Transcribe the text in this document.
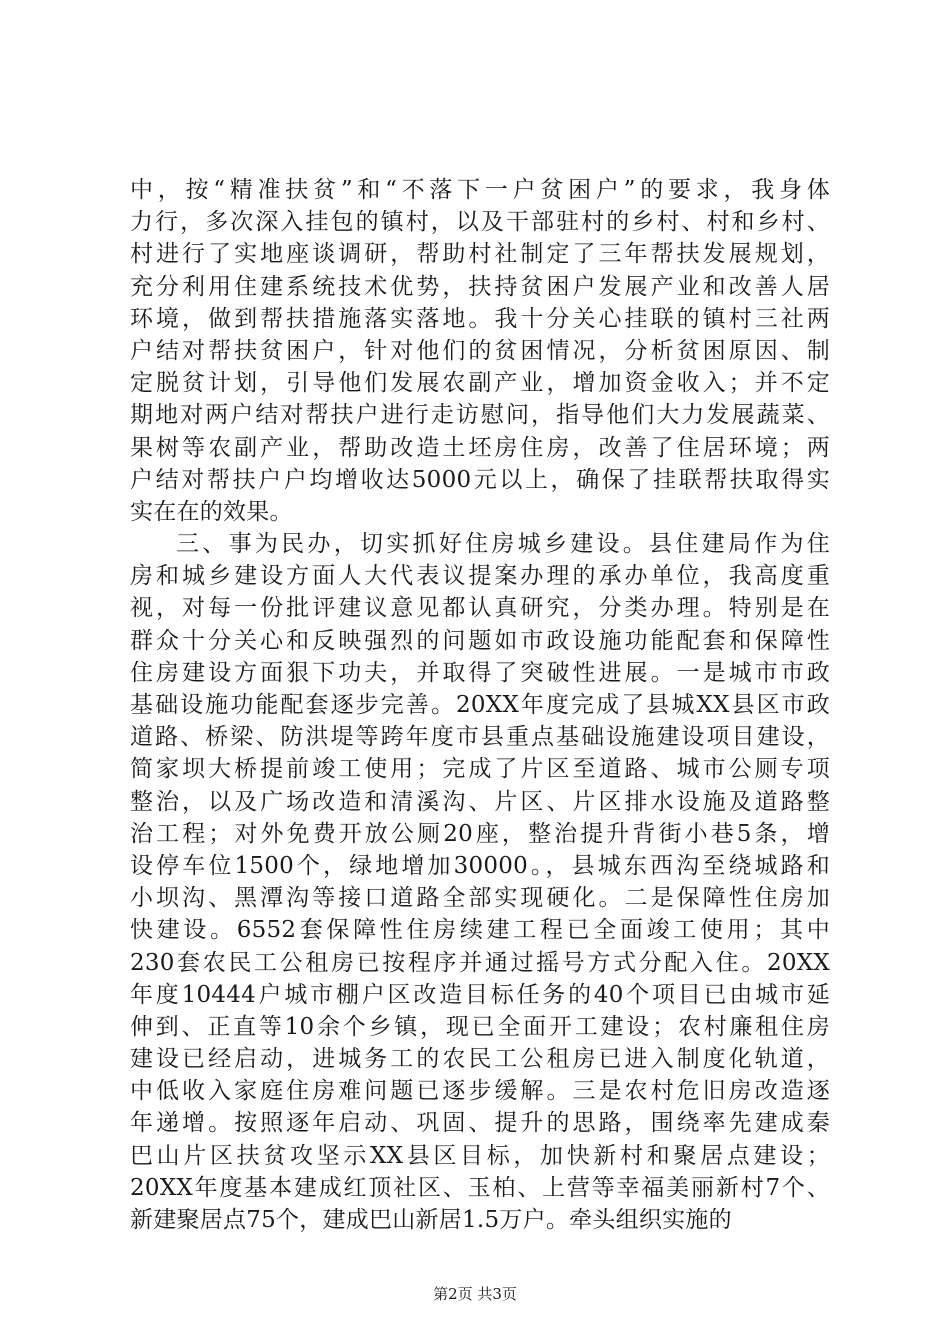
中，按“精准扶贫”和“不落下一户贫困户”的要求，我身体
力行，多次深入挂包的镇村，以及干部驻村的乡村、村和乡村、
村进行了实地座谈调研，帮助村社制定了三年帮扶发展规划，
充分利用住建系统技术优势，扶持贫困户发展产业和改善人居
环境，做到帮扶措施落实落地。我十分关心挂联的镇村三社两
户结对帮扶贫困户，针对他们的贫困情况，分析贫困原因、制
定脱贫计划，引导他们发展农副产业，增加资金收入；并不定
期地对两户结对帮扶户进行走访慰问，指导他们大力发展蔬菜、
果树等农副产业，帮助改造土坯房住房，改善了住居环境；两
户结对帮扶户户均增收达5000元以上，确保了挂联帮扶取得实
实在在的效果。
三、事为民办，切实抓好住房城乡建设。县住建局作为住
房和城乡建设方面人大代表议提案办理的承办单位，我高度重
视，对每一份批评建议意见都认真研究，分类办理。特别是在
群众十分关心和反映强烈的问题如市政设施功能配套和保障性
住房建设方面狠下功夫，并取得了突破性进展。一是城市市政
基础设施功能配套逐步完善。20XX年度完成了县城XX县区市政
道路、桥梁、防洪堤等跨年度市县重点基础设施建设项目建设，
简家坝大桥提前竣工使用；完成了片区至道路、城市公厕专项
整治，以及广场改造和清溪沟、片区、片区排水设施及道路整
治工程；对外免费开放公厕20座，整治提升背街小巷5条，增
设停车位1500个，绿地增加30000。，县城东西沟至绕城路和
小坝沟、黑潭沟等接口道路全部实现硬化。二是保障性住房加
快建设。6552套保障性住房续建工程已全面竣工使用；其中
230套农民工公租房已按程序并通过摇号方式分配入住。20XX
年度10444户城市棚户区改造目标任务的40个项目已由城市延
伸到、正直等10余个乡镇，现已全面开工建设；农村廉租住房
建设已经启动，进城务工的农民工公租房已进入制度化轨道，
中低收入家庭住房难问题已逐步缓解。三是农村危旧房改造逐
年递增。按照逐年启动、巩固、提升的思路，围绕率先建成秦
巴山片区扶贫攻坚示XX县区目标，加快新村和聚居点建设；
20XX年度基本建成红顶社区、玉柏、上营等幸福美丽新村7个、
新建聚居点75个，建成巴山新居1.5万户。牵头组织实施的
第2页 共3页
